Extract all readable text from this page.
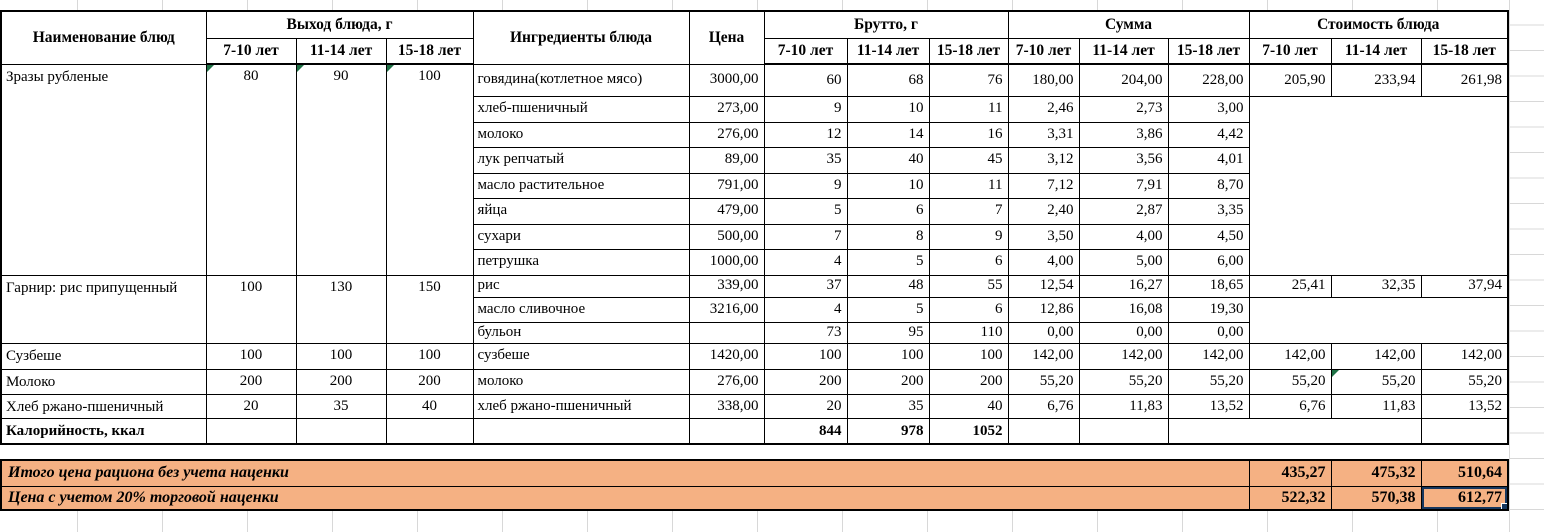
Наименование блюд	Выход блюда, г			Ингредиенты блюда	Цена	Брутто, г			Сумма			Стоимость блюда		
	7-10 лет	11-14 лет	15-18 лет			7-10 лет	11-14 лет	15-18 лет	7-10 лет	11-14 лет	15-18 лет	7-10 лет	11-14 лет	15-18 лет
Зразы рубленые	80	90	100	говядина(котлетное мясо)	3000,00	60	68	76	180,00	204,00	228,00	205,90	233,94	261,98
				хлеб-пшеничный	273,00	9	10	11	2,46	2,73	3,00			
				молоко	276,00	12	14	16	3,31	3,86	4,42			
				лук репчатый	89,00	35	40	45	3,12	3,56	4,01			
				масло растительное	791,00	9	10	11	7,12	7,91	8,70			
				яйца	479,00	5	6	7	2,40	2,87	3,35			
				сухари	500,00	7	8	9	3,50	4,00	4,50			
				петрушка	1000,00	4	5	6	4,00	5,00	6,00			
Гарнир: рис припущенный	100	130	150	рис	339,00	37	48	55	12,54	16,27	18,65	25,41	32,35	37,94
				масло сливочное	3216,00	4	5	6	12,86	16,08	19,30			
				бульон		73	95	110	0,00	0,00	0,00			
Сузбеше	100	100	100	сузбеше	1420,00	100	100	100	142,00	142,00	142,00	142,00	142,00	142,00
Молоко	200	200	200	молоко	276,00	200	200	200	55,20	55,20	55,20	55,20	55,20	55,20
Хлеб ржано-пшеничный	20	35	40	хлеб ржано-пшеничный	338,00	20	35	40	6,76	11,83	13,52	6,76	11,83	13,52
Калорийность, ккал						844	978	1052						
Итого цена рациона без учета наценки	435,27	475,32	510,64
Цена с учетом 20% торговой наценки	522,32	570,38	612,77
